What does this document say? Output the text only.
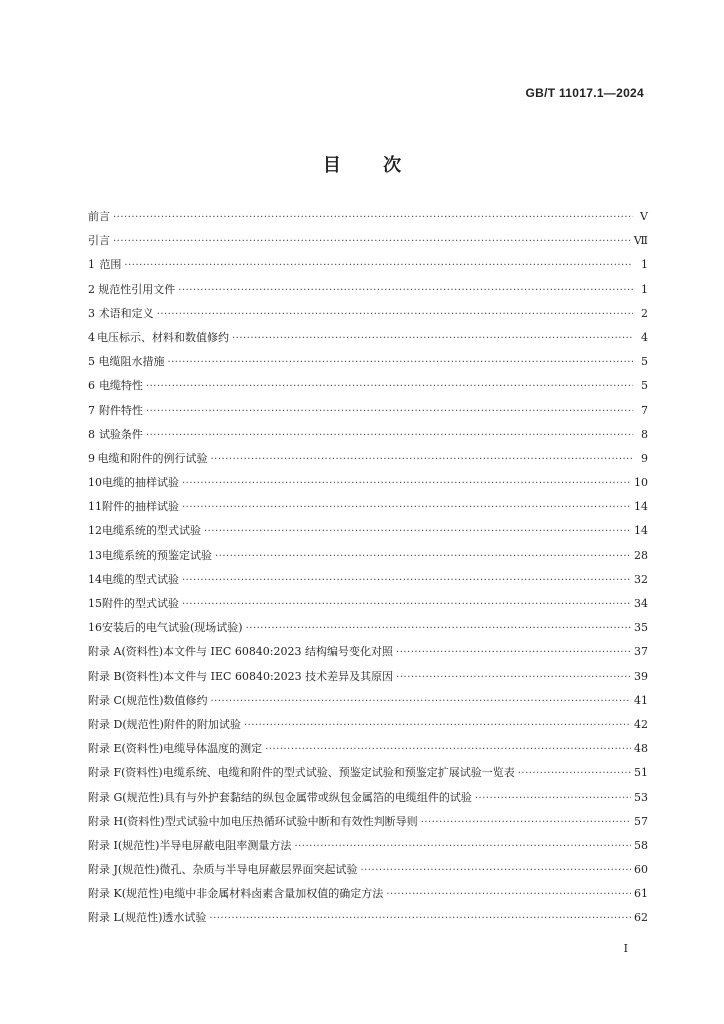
GB/T 11017.1—2024
目 次
前言 ·····	Ⅴ
引言 ·····	Ⅶ
1 范围 ·····	1
2 规范性引用文件 ·····	1
3 术语和定义 ·····	2
4 电压标示、材料和数值修约 ·····	4
5 电缆阻水措施 ·····	5
6 电缆特性 ·····	5
7 附件特性 ·····	7
8 试验条件 ·····	8
9 电缆和附件的例行试验 ·····	9
10 电缆的抽样试验 ·····	10
11 附件的抽样试验 ·····	14
12 电缆系统的型式试验 ·····	14
13 电缆系统的预鉴定试验 ·····	28
14 电缆的型式试验 ·····	32
15 附件的型式试验 ·····	34
16 安装后的电气试验(现场试验) ·····	35
附录 A(资料性) 本文件与 IEC 60840:2023 结构编号变化对照 ·····	37
附录 B(资料性) 本文件与 IEC 60840:2023 技术差异及其原因 ·····	39
附录 C(规范性) 数值修约 ·····	41
附录 D(规范性) 附件的附加试验 ·····	42
附录 E(资料性) 电缆导体温度的测定 ·····	48
附录 F(资料性) 电缆系统、电缆和附件的型式试验、预鉴定试验和预鉴定扩展试验一览表 ·····	51
附录 G(规范性) 具有与外护套黏结的纵包金属带或纵包金属箔的电缆组件的试验 ·····	53
附录 H(资料性) 型式试验中加电压热循环试验中断和有效性判断导则 ·····	57
附录 I(规范性) 半导电屏蔽电阻率测量方法 ·····	58
附录 J(规范性) 微孔、杂质与半导电屏蔽层界面突起试验 ·····	60
附录 K(规范性) 电缆中非金属材料卤素含量加权值的确定方法 ·····	61
附录 L(规范性) 透水试验 ·····	62
I
